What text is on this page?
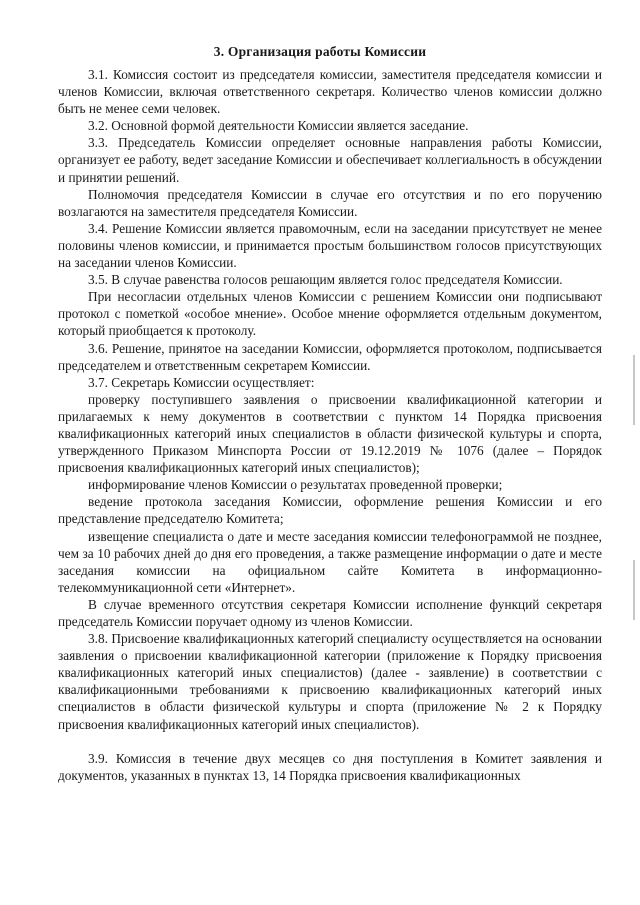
3. Организация работы Комиссии

3.1. Комиссия состоит из председателя комиссии, заместителя председателя комиссии и членов Комиссии, включая ответственного секретаря. Количество членов комиссии должно быть не менее семи человек.

3.2. Основной формой деятельности Комиссии является заседание.

3.3. Председатель Комиссии определяет основные направления работы Комиссии, организует ее работу, ведет заседание Комиссии и обеспечивает коллегиальность в обсуждении и принятии решений.

Полномочия председателя Комиссии в случае его отсутствия и по его поручению возлагаются на заместителя председателя Комиссии.

3.4. Решение Комиссии является правомочным, если на заседании присутствует не менее половины членов комиссии, и принимается простым большинством голосов присутствующих на заседании членов Комиссии.

3.5. В случае равенства голосов решающим является голос председателя Комиссии.

При несогласии отдельных членов Комиссии с решением Комиссии они подписывают протокол с пометкой «особое мнение». Особое мнение оформляется отдельным документом, который приобщается к протоколу.

3.6. Решение, принятое на заседании Комиссии, оформляется протоколом, подписывается председателем и ответственным секретарем Комиссии.

3.7. Секретарь Комиссии осуществляет:

проверку поступившего заявления о присвоении квалификационной категории и прилагаемых к нему документов в соответствии с пунктом 14 Порядка присвоения квалификационных категорий иных специалистов в области физической культуры и спорта, утвержденного Приказом Минспорта России от 19.12.2019 № 1076 (далее – Порядок присвоения квалификационных категорий иных специалистов);

информирование членов Комиссии о результатах проведенной проверки;

ведение протокола заседания Комиссии, оформление решения Комиссии и его представление председателю Комитета;

извещение специалиста о дате и месте заседания комиссии телефонограммой не позднее, чем за 10 рабочих дней до дня его проведения, а также размещение информации о дате и месте заседания комиссии на официальном сайте Комитета в информационно-телекоммуникационной сети «Интернет».

В случае временного отсутствия секретаря Комиссии исполнение функций секретаря председатель Комиссии поручает одному из членов Комиссии.

3.8. Присвоение квалификационных категорий специалисту осуществляется на основании заявления о присвоении квалификационной категории (приложение к Порядку присвоения квалификационных категорий иных специалистов) (далее - заявление) в соответствии с квалификационными требованиями к присвоению квалификационных категорий иных специалистов в области физической культуры и спорта (приложение № 2 к Порядку присвоения квалификационных категорий иных специалистов).

3.9. Комиссия в течение двух месяцев со дня поступления в Комитет заявления и документов, указанных в пунктах 13, 14 Порядка присвоения квалификационных
